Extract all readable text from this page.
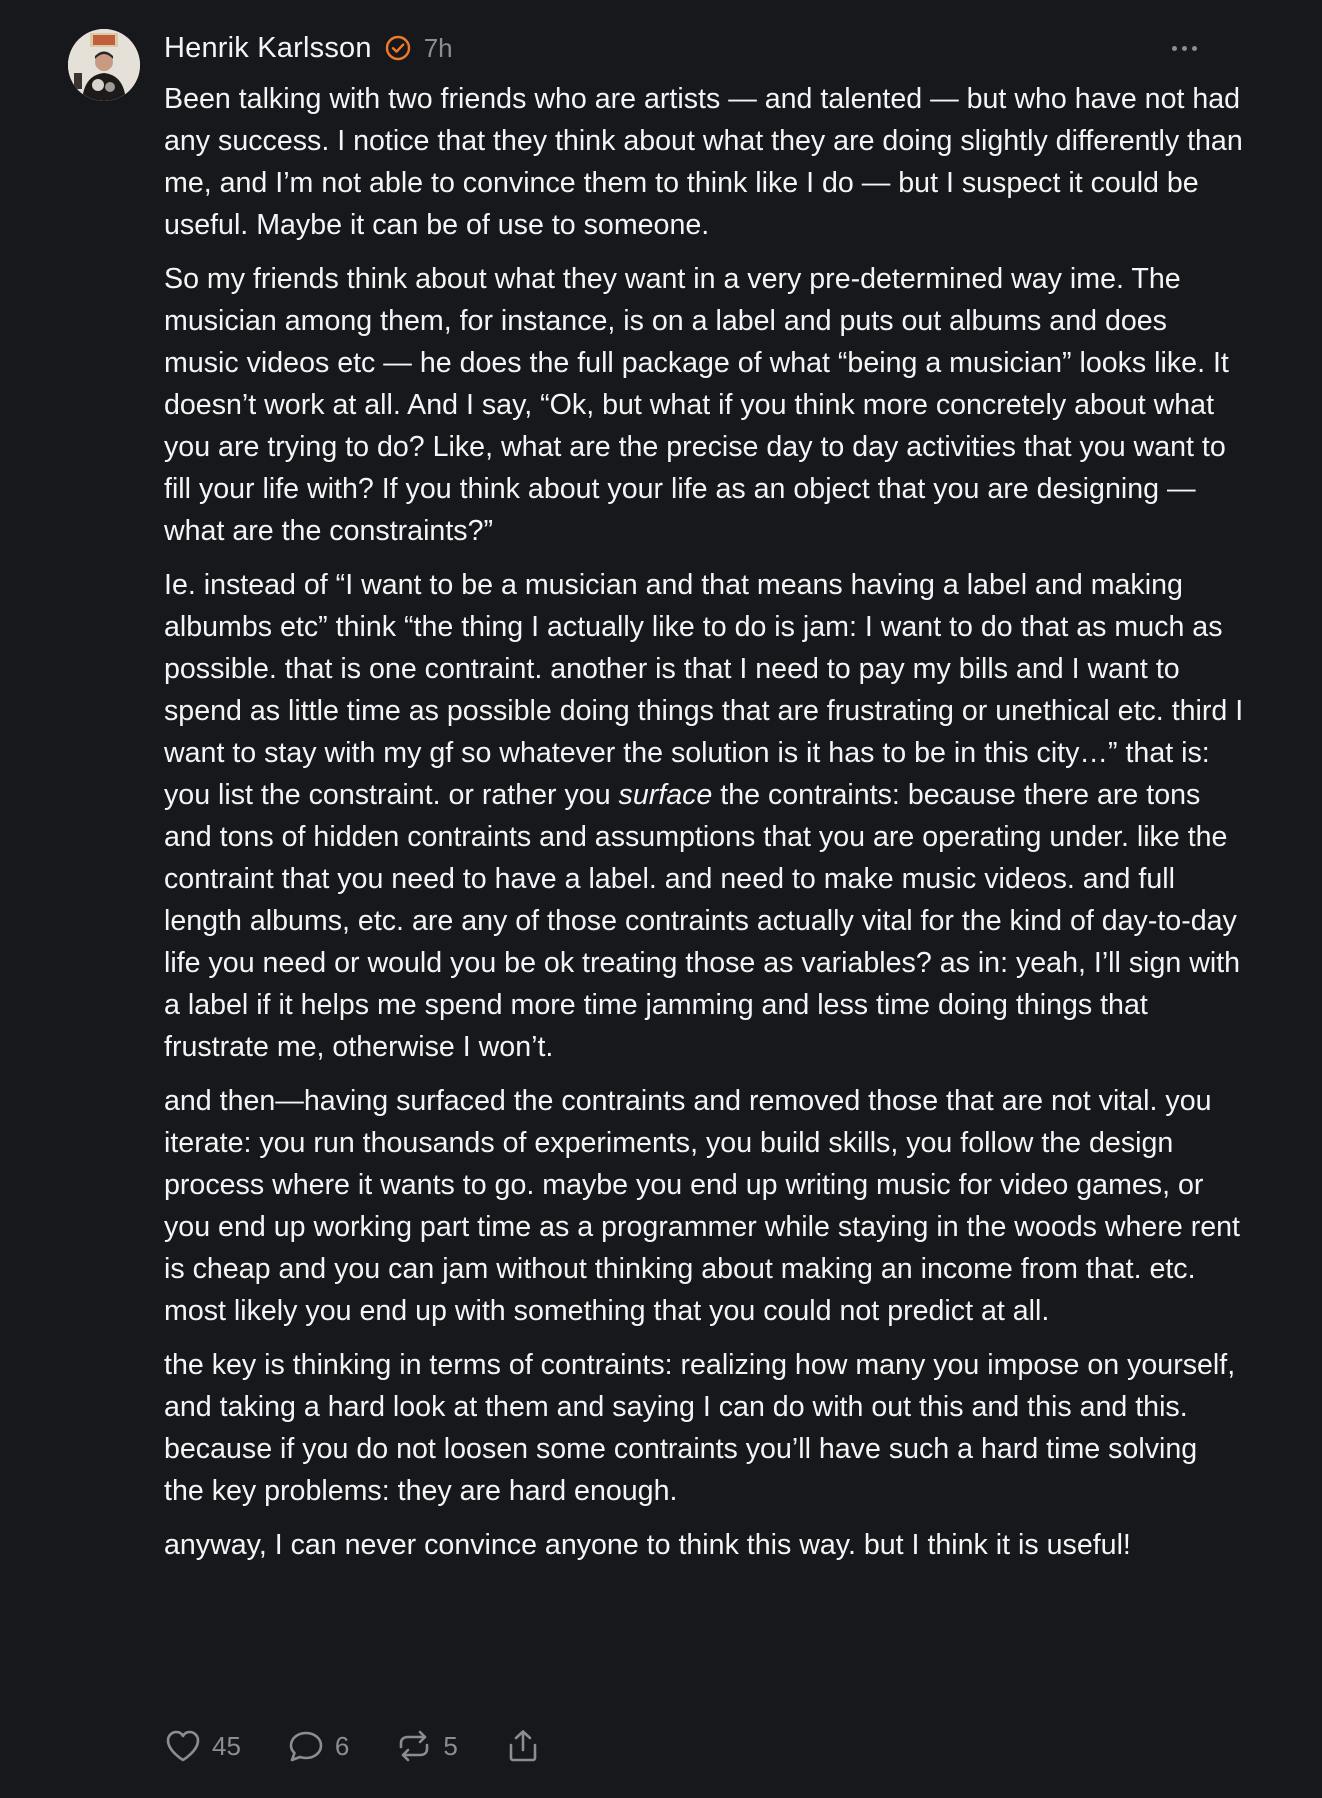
Henrik Karlsson 7h

Been talking with two friends who are artists — and talented — but who have not had any success. I notice that they think about what they are doing slightly differently than me, and I’m not able to convince them to think like I do — but I suspect it could be useful. Maybe it can be of use to someone.

So my friends think about what they want in a very pre-determined way ime. The musician among them, for instance, is on a label and puts out albums and does music videos etc — he does the full package of what “being a musician” looks like. It doesn’t work at all. And I say, “Ok, but what if you think more concretely about what you are trying to do? Like, what are the precise day to day activities that you want to fill your life with? If you think about your life as an object that you are designing — what are the constraints?”

Ie. instead of “I want to be a musician and that means having a label and making albumbs etc” think “the thing I actually like to do is jam: I want to do that as much as possible. that is one contraint. another is that I need to pay my bills and I want to spend as little time as possible doing things that are frustrating or unethical etc. third I want to stay with my gf so whatever the solution is it has to be in this city…” that is: you list the constraint. or rather you surface the contraints: because there are tons and tons of hidden contraints and assumptions that you are operating under. like the contraint that you need to have a label. and need to make music videos. and full length albums, etc. are any of those contraints actually vital for the kind of day-to-day life you need or would you be ok treating those as variables? as in: yeah, I’ll sign with a label if it helps me spend more time jamming and less time doing things that frustrate me, otherwise I won’t.

and then—having surfaced the contraints and removed those that are not vital. you iterate: you run thousands of experiments, you build skills, you follow the design process where it wants to go. maybe you end up writing music for video games, or you end up working part time as a programmer while staying in the woods where rent is cheap and you can jam without thinking about making an income from that. etc. most likely you end up with something that you could not predict at all.

the key is thinking in terms of contraints: realizing how many you impose on yourself, and taking a hard look at them and saying I can do with out this and this and this. because if you do not loosen some contraints you’ll have such a hard time solving the key problems: they are hard enough.

anyway, I can never convince anyone to think this way. but I think it is useful!

45	6	5
